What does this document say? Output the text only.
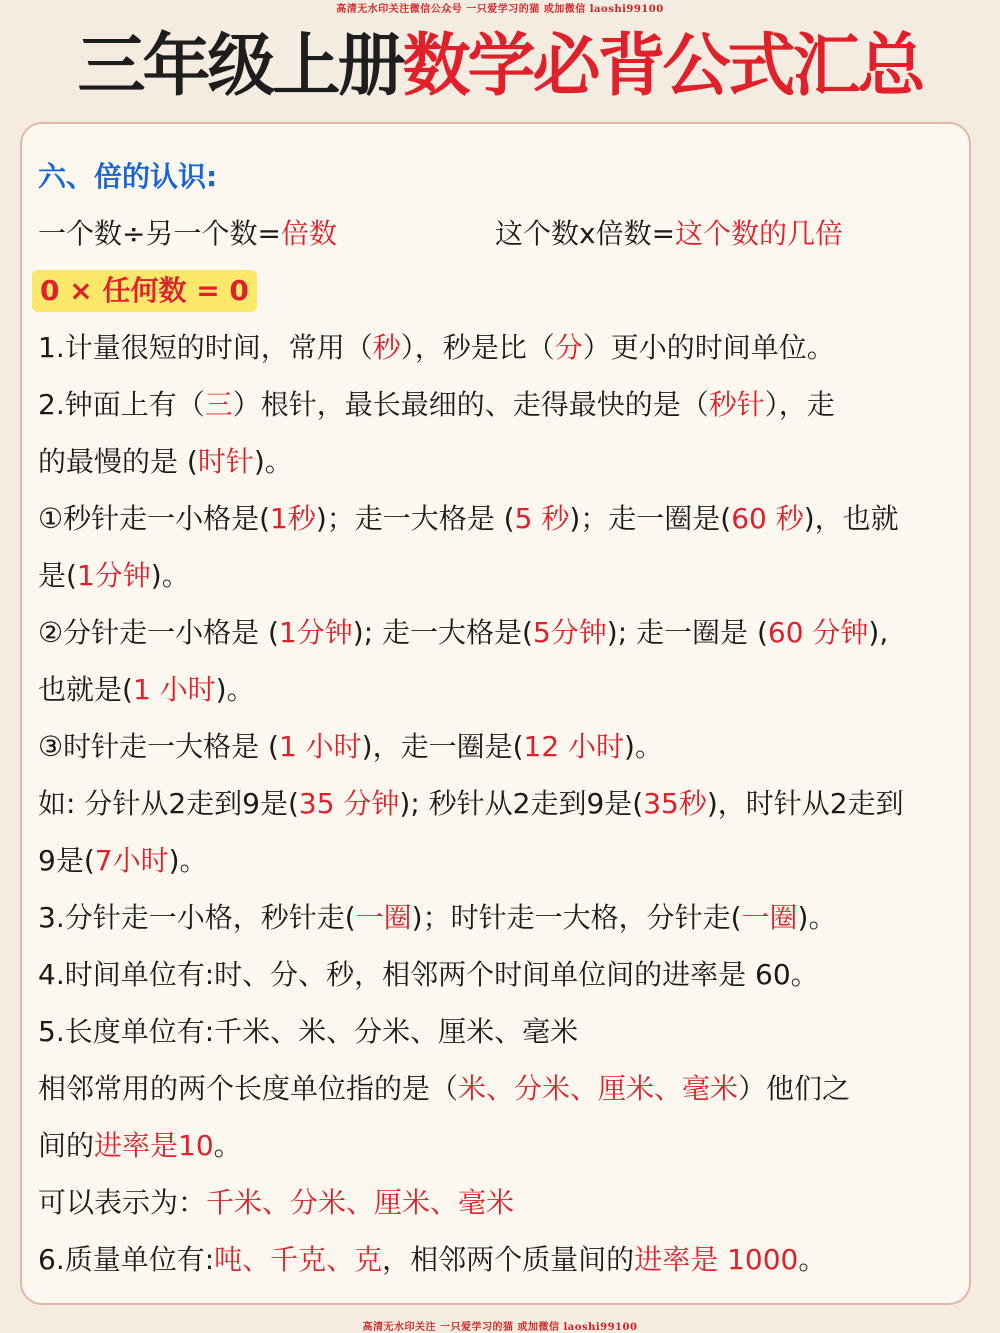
高清无水印关注微信公众号 一只爱学习的猫 或加微信 laoshi99100
三年级上册数学必背公式汇总
六、倍的认识:
一个数÷另一个数=倍数	这个数x倍数=这个数的几倍
0 × 任何数 = 0
1.计量很短的时间，常用（ 秒 ），秒是比（ 分 ）更小的时间单位。
2.钟面上有（ 三 ）根针，最长最细的、走得最快的是（ 秒针 ），走
的最慢的是 ( 时针 )。
①秒针走一小格是( 1秒 )；走一大格是 ( 5 秒 )；走一圈是( 60 秒 )，也就
是( 1分钟 )。
②分针走一小格是 ( 1分钟 ); 走一大格是( 5分钟 ); 走一圈是 ( 60 分钟 ),
也就是( 1 小时 )。
③时针走一大格是 ( 1 小时 )，走一圈是( 12 小时 )。
如: 分针从2走到9是( 35 分钟 ); 秒针从2走到9是( 35秒 )，时针从2走到
9是( 7小时 )。
3.分针走一小格，秒针走( 一圈 )；时针走一大格，分针走( 一圈 )。
4.时间单位有:时、分、秒，相邻两个时间单位间的进率是 60。
5.长度单位有:千米、米、分米、厘米、毫米
相邻常用的两个长度单位指的是（ 米、分米、厘米、毫米 ）他们之
间的 进率是10 。
可以表示为： 千米、分米、厘米、毫米
6.质量单位有: 吨、千克、克 ，相邻两个质量间的 进率是 1000 。
高清无水印关注 一只爱学习的猫 或加微信 laoshi99100
